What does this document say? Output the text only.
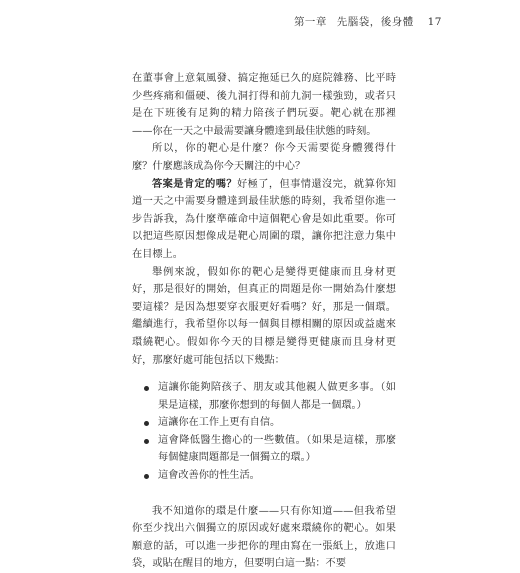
第一章 先腦袋，後身體 17

在董事會上意氣風發、搞定拖延已久的庭院雜務、比平時少些疼痛和僵硬、後九洞打得和前九洞一樣強勁，或者只是在下班後有足夠的精力陪孩子們玩耍。靶心就在那裡——你在一天之中最需要讓身體達到最佳狀態的時刻。

所以，你的靶心是什麼？你今天需要從身體獲得什麼？什麼應該成為你今天關注的中心？

答案是肯定的嗎？好極了，但事情還沒完，就算你知道一天之中需要身體達到最佳狀態的時刻，我希望你進一步告訴我，為什麼準確命中這個靶心會是如此重要。你可以把這些原因想像成是靶心周圍的環，讓你把注意力集中在目標上。

舉例來說，假如你的靶心是變得更健康而且身材更好，那是很好的開始，但真正的問題是你一開始為什麼想要這樣？是因為想要穿衣服更好看嗎？好，那是一個環。繼續進行，我希望你以每一個與目標相關的原因或益處來環繞靶心。假如你今天的目標是變得更健康而且身材更好，那麼好處可能包括以下幾點：

這讓你能夠陪孩子、朋友或其他親人做更多事。（如果是這樣，那麼你想到的每個人都是一個環。）
這讓你在工作上更有自信。
這會降低醫生擔心的一些數值。（如果是這樣，那麼每個健康問題都是一個獨立的環。）
這會改善你的性生活。

我不知道你的環是什麼——只有你知道——但我希望你至少找出六個獨立的原因或好處來環繞你的靶心。如果願意的話，可以進一步把你的理由寫在一張紙上，放進口袋，或貼在醒目的地方，但要明白這一點：不要
